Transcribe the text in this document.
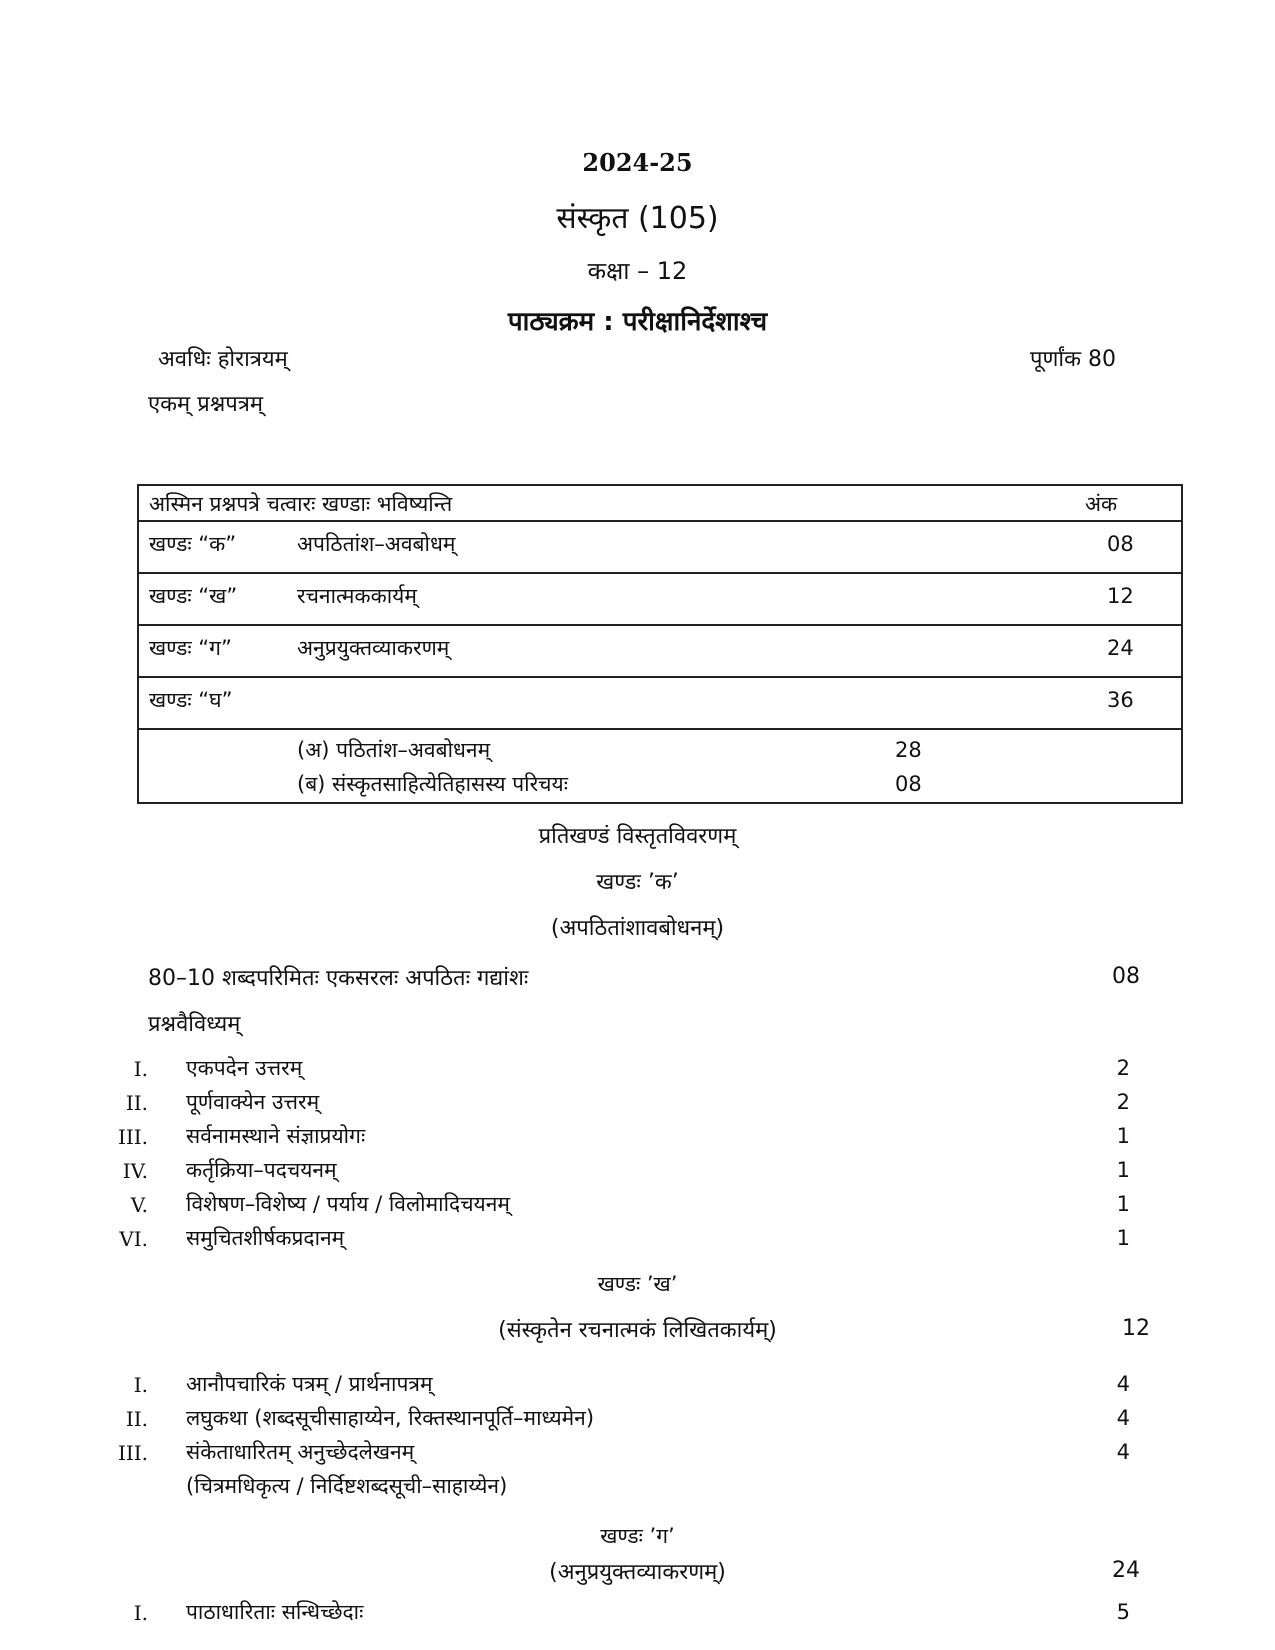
2024-25
संस्कृत (105)
कक्षा – 12
पाठ्यक्रम : परीक्षानिर्देशाश्च
अवधिः होरात्रयम्	पूर्णांक 80
एकम् प्रश्नपत्रम्
अस्मिन प्रश्नपत्रे चत्वारः खण्डाः भविष्यन्ति	अंक
खण्डः “क”	अपठितांश–अवबोधम्	08
खण्डः “ख”	रचनात्मककार्यम्	12
खण्डः “ग”	अनुप्रयुक्तव्याकरणम्	24
खण्डः “घ”	36
(अ) पठितांश–अवबोधनम्	28
(ब) संस्कृतसाहित्येतिहासस्य परिचयः	08
प्रतिखण्डं विस्तृतविवरणम्
खण्डः ’क’
(अपठितांशावबोधनम्)
80–10 शब्दपरिमितः एकसरलः अपठितः गद्यांशः	08
प्रश्नवैविध्यम्
I. एकपदेन उत्तरम्	2
II. पूर्णवाक्येन उत्तरम्	2
III. सर्वनामस्थाने संज्ञाप्रयोगः	1
IV. कर्तृक्रिया–पदचयनम्	1
V. विशेषण–विशेष्य / पर्याय / विलोमादिचयनम्	1
VI. समुचितशीर्षकप्रदानम्	1
खण्डः ’ख’
(संस्कृतेन रचनात्मकं लिखितकार्यम्)	12
I. आनौपचारिकं पत्रम् / प्रार्थनापत्रम्	4
II. लघुकथा (शब्दसूचीसाहाय्येन, रिक्तस्थानपूर्ति–माध्यमेन)	4
III. संकेताधारितम् अनुच्छेदलेखनम्	4
(चित्रमधिकृत्य / निर्दिष्टशब्दसूची–साहाय्येन)
खण्डः ’ग’
(अनुप्रयुक्तव्याकरणम्)	24
I. पाठाधारिताः सन्धिच्छेदाः	5
